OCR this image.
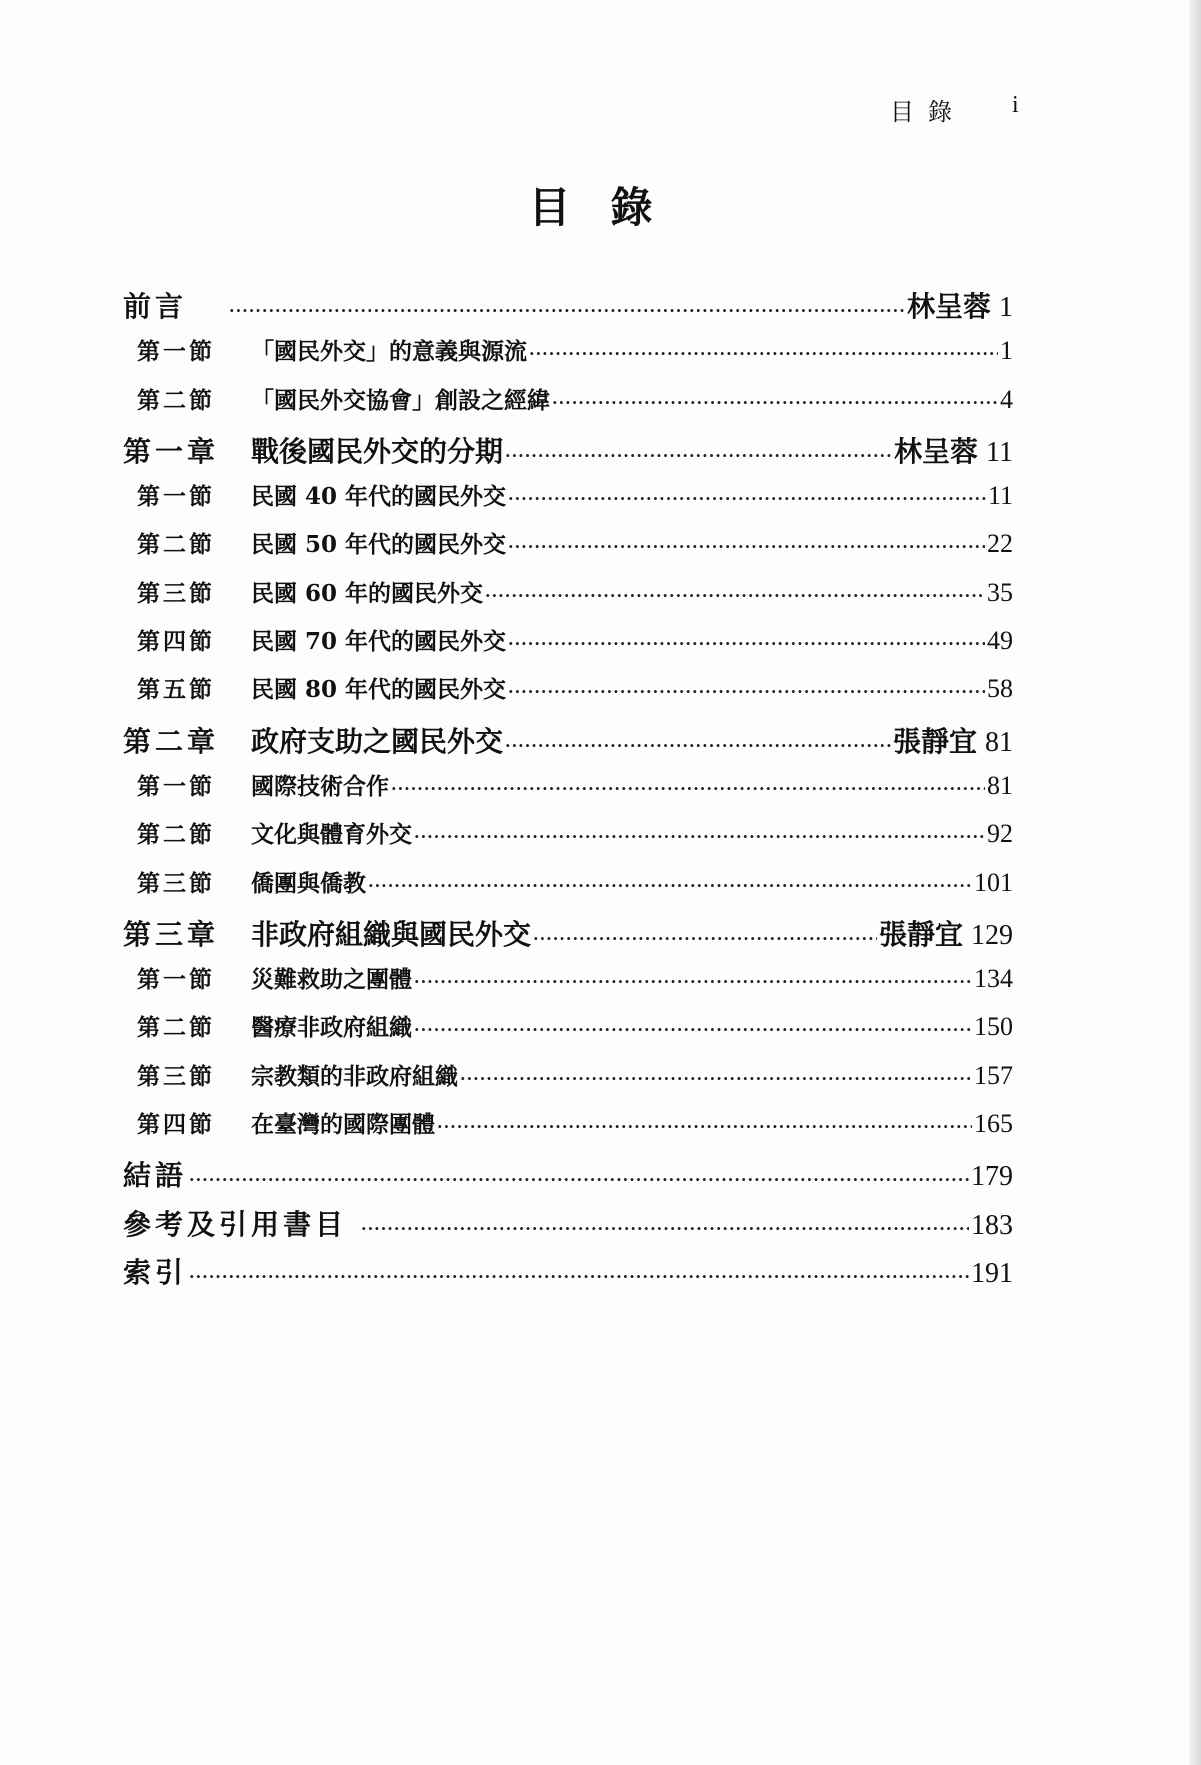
目錄 i
目錄
前言 ·····	林呈蓉 1
第一節	「國民外交」的意義與源流 ·····	1
第二節	「國民外交協會」創設之經緯 ·····	4
第一章	戰後國民外交的分期 ·····	林呈蓉 11
第一節	民國 40 年代的國民外交 ·····	11
第二節	民國 50 年代的國民外交 ·····	22
第三節	民國 60 年的國民外交 ·····	35
第四節	民國 70 年代的國民外交 ·····	49
第五節	民國 80 年代的國民外交 ·····	58
第二章	政府支助之國民外交 ·····	張靜宜 81
第一節	國際技術合作 ·····	81
第二節	文化與體育外交 ·····	92
第三節	僑團與僑教 ·····	101
第三章	非政府組織與國民外交 ·····	張靜宜 129
第一節	災難救助之團體 ·····	134
第二節	醫療非政府組織 ·····	150
第三節	宗教類的非政府組織 ·····	157
第四節	在臺灣的國際團體 ·····	165
結語 ·····	179
參考及引用書目 ·····	183
索引 ·····	191
